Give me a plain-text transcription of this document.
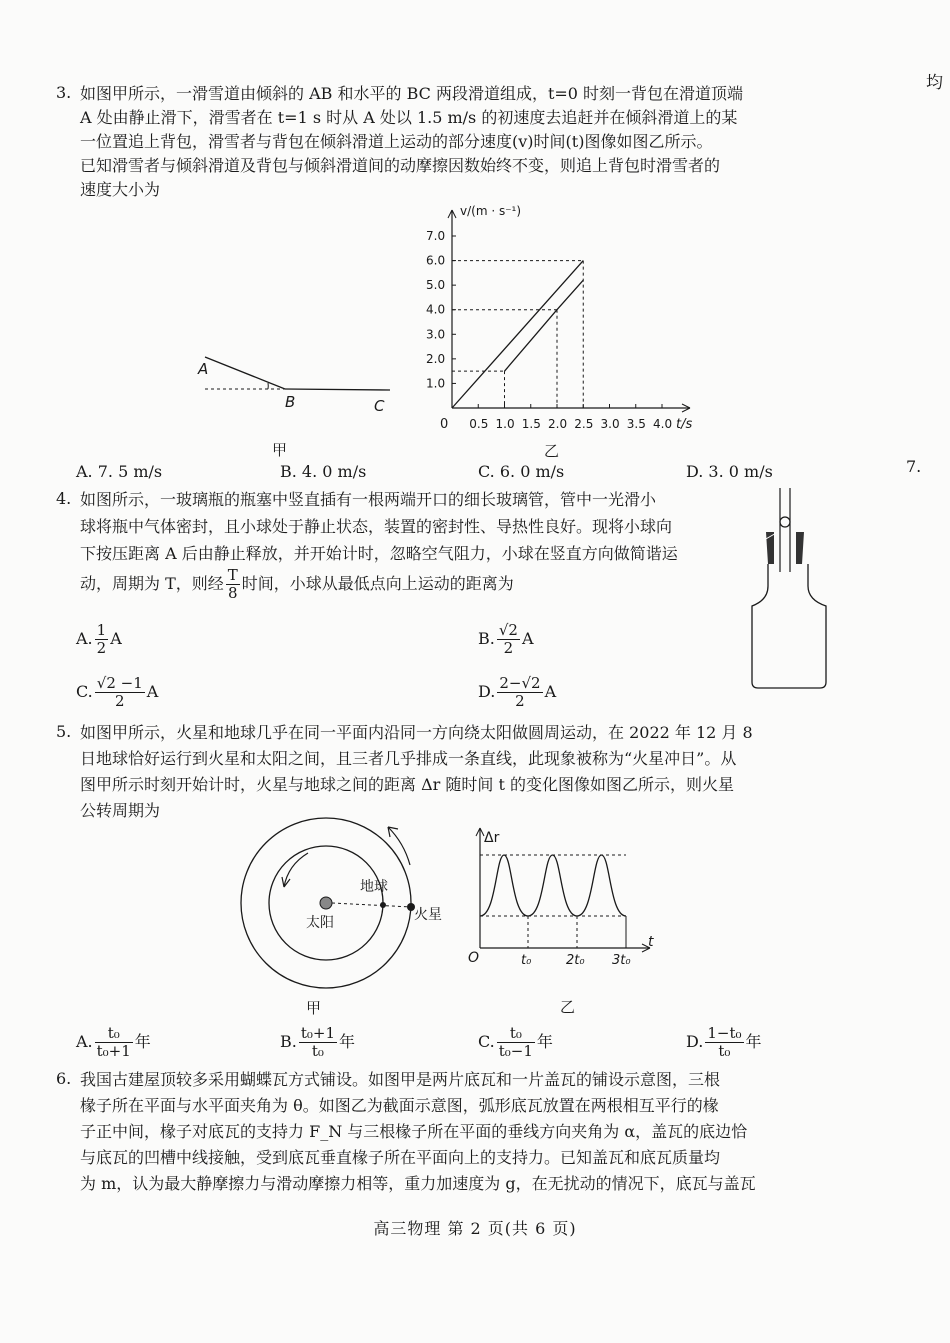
均
7.
3. 如图甲所示，一滑雪道由倾斜的 AB 和水平的 BC 两段滑道组成，t=0 时刻一背包在滑道顶端
A 处由静止滑下，滑雪者在 t=1 s 时从 A 处以 1.5 m/s 的初速度去追赶并在倾斜滑道上的某
一位置追上背包，滑雪者与背包在倾斜滑道上运动的部分速度(v)时间(t)图像如图乙所示。
已知滑雪者与倾斜滑道及背包与倾斜滑道间的动摩擦因数始终不变，则追上背包时滑雪者的
速度大小为
A
B	C
甲
1.0
2.0
3.0
4.0
5.0
6.0
7.0
0.5 1.0 1.5 2.0 2.5 3.0 3.5 4.0
v/(m · s⁻¹)
t/s
0
乙
A. 7. 5 m/s	B. 4. 0 m/s	C. 6. 0 m/s	D. 3. 0 m/s
4. 如图所示，一玻璃瓶的瓶塞中竖直插有一根两端开口的细长玻璃管，管中一光滑小
球将瓶中气体密封，且小球处于静止状态，装置的密封性、导热性良好。现将小球向
下按压距离 A 后由静止释放，并开始计时，忽略空气阻力，小球在竖直方向做简谐运
动，周期为 T，则经 $\frac{T}{8}$ 时间，小球从最低点向上运动的距离为
A. $\frac{1}{2}$ A	B. $\frac{√2}{2}$ A
C. $\frac{√2 -1}{2}$ A	D. $\frac{2-√2}{2}$ A
5. 如图甲所示，火星和地球几乎在同一平面内沿同一方向绕太阳做圆周运动，在 2022 年 12 月 8
日地球恰好运行到火星和太阳之间，且三者几乎排成一条直线，此现象被称为“火星冲日”。从
图甲所示时刻开始计时，火星与地球之间的距离 Δr 随时间 t 的变化图像如图乙所示，则火星
公转周期为
太阳
地球
火星
甲
Δr
t
O	t₀	2t₀ 3t₀
乙
A. $\frac{\text{t₀}}{\text{t₀+1}}$ 年	B. $\frac{\text{t₀+1}}{\text{t₀}}$ 年	C. $\frac{\text{t₀}}{\text{t₀−1}}$ 年	D. $\frac{\text{1−t₀}}{\text{t₀}}$ 年
6. 我国古建屋顶较多采用蝴蝶瓦方式铺设。如图甲是两片底瓦和一片盖瓦的铺设示意图，三根
椽子所在平面与水平面夹角为 θ。如图乙为截面示意图，弧形底瓦放置在两根相互平行的椽
子正中间，椽子对底瓦的支持力 F_N 与三根椽子所在平面的垂线方向夹角为 α，盖瓦的底边恰
与底瓦的凹槽中线接触，受到底瓦垂直椽子所在平面向上的支持力。已知盖瓦和底瓦质量均
为 m，认为最大静摩擦力与滑动摩擦力相等，重力加速度为 g，在无扰动的情况下，底瓦与盖瓦
高三物理 第 2 页(共 6 页)
